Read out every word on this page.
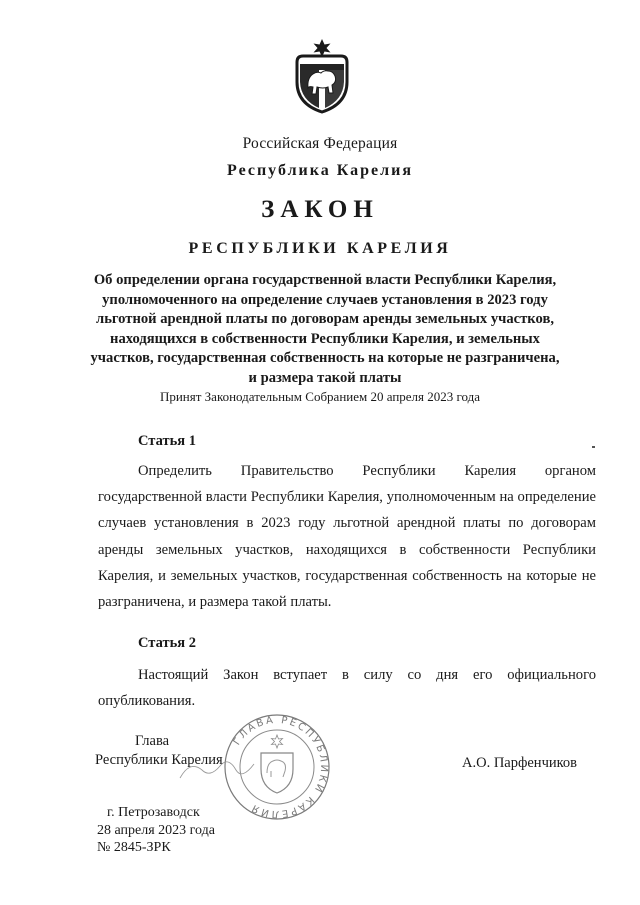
Российская Федерация
Республика Карелия
ЗАКОН
РЕСПУБЛИКИ КАРЕЛИЯ
Об определении органа государственной власти Республики Карелия, уполномоченного на определение случаев установления в 2023 году льготной арендной платы по договорам аренды земельных участков, находящихся в собственности Республики Карелия, и земельных участков, государственная собственность на которые не разграничена, и размера такой платы
Принят Законодательным Собранием 20 апреля 2023 года
Статья 1

Определить Правительство Республики Карелия органом государственной власти Республики Карелия, уполномоченным на определение случаев установления в 2023 году льготной арендной платы по договорам аренды земельных участков, находящихся в собственности Республики Карелия, и земельных участков, государственная собственность на которые не разграничена, и размера такой платы.

Статья 2

Настоящий Закон вступает в силу со дня его официального опубликования.

ГЛАВА РЕСПУБЛИКИ КАРЕЛИЯ
Глава
Республики Карелия	А.О. Парфенчиков
г. Петрозаводск
28 апреля 2023 года
№ 2845-ЗРК
